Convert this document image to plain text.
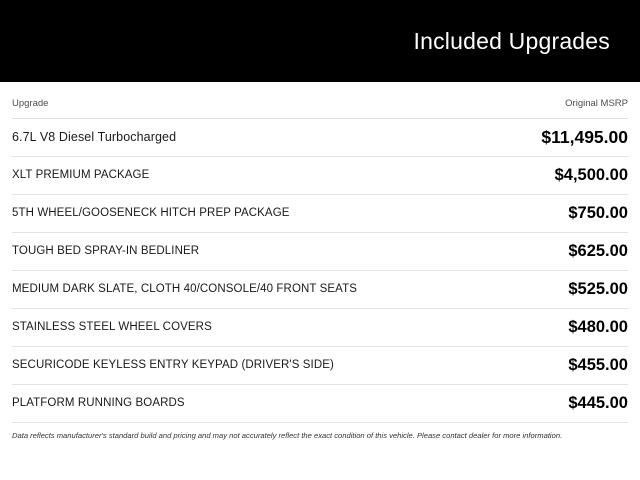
Included Upgrades
Upgrade	Original MSRP
6.7L V8 Diesel Turbocharged	$11,495.00
XLT PREMIUM PACKAGE	$4,500.00
5TH WHEEL/GOOSENECK HITCH PREP PACKAGE	$750.00
TOUGH BED SPRAY-IN BEDLINER	$625.00
MEDIUM DARK SLATE, CLOTH 40/CONSOLE/40 FRONT SEATS	$525.00
STAINLESS STEEL WHEEL COVERS	$480.00
SECURICODE KEYLESS ENTRY KEYPAD (DRIVER'S SIDE)	$455.00
PLATFORM RUNNING BOARDS	$445.00
Data reflects manufacturer's standard build and pricing and may not accurately reflect the exact condition of this vehicle. Please contact dealer for more information.
